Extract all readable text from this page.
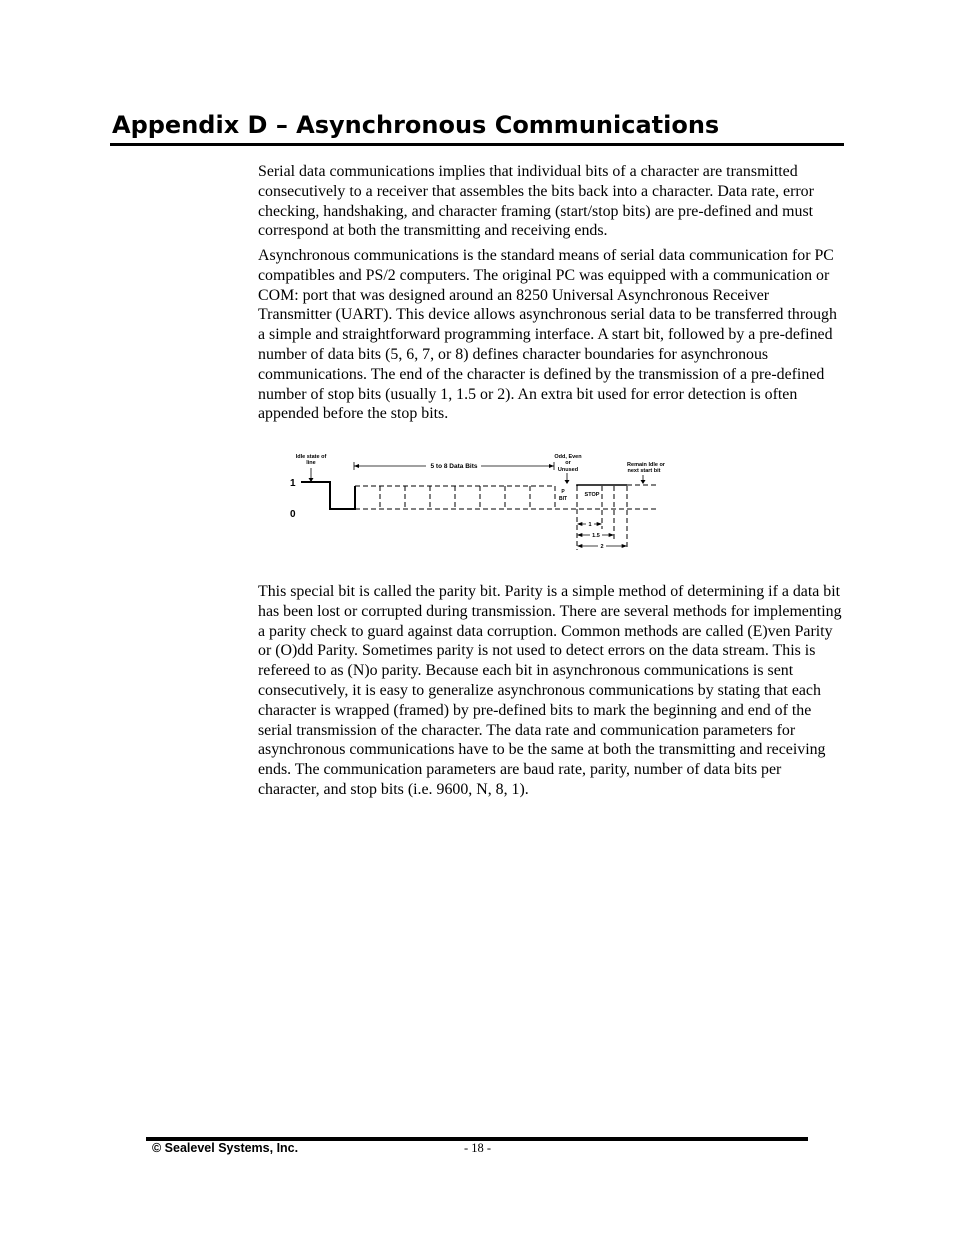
Appendix D – Asynchronous Communications

Serial data communications implies that individual bits of a character are transmitted consecutively to a receiver that assembles the bits back into a character. Data rate, error checking, handshaking, and character framing (start/stop bits) are pre-defined and must correspond at both the transmitting and receiving ends.

Asynchronous communications is the standard means of serial data communication for PC compatibles and PS/2 computers. The original PC was equipped with a communication or COM: port that was designed around an 8250 Universal Asynchronous Receiver Transmitter (UART). This device allows asynchronous serial data to be transferred through a simple and straightforward programming interface. A start bit, followed by a pre-defined number of data bits (5, 6, 7, or 8) defines character boundaries for asynchronous communications. The end of the character is defined by the transmission of a pre-defined number of stop bits (usually 1, 1.5 or 2). An extra bit used for error detection is often appended before the stop bits.

Idle state of
line	5 to 8 Data Bits
Odd, Even
or
Unused
Remain Idle or
next start bit
1
0
P
BIT
STOP
1
1.5
2

This special bit is called the parity bit. Parity is a simple method of determining if a data bit has been lost or corrupted during transmission. There are several methods for implementing a parity check to guard against data corruption. Common methods are called (E)ven Parity or (O)dd Parity. Sometimes parity is not used to detect errors on the data stream. This is refereed to as (N)o parity. Because each bit in asynchronous communications is sent consecutively, it is easy to generalize asynchronous communications by stating that each character is wrapped (framed) by pre-defined bits to mark the beginning and end of the serial transmission of the character. The data rate and communication parameters for asynchronous communications have to be the same at both the transmitting and receiving ends. The communication parameters are baud rate, parity, number of data bits per character, and stop bits (i.e. 9600, N, 8, 1).

© Sealevel Systems, Inc.	- 18 -
